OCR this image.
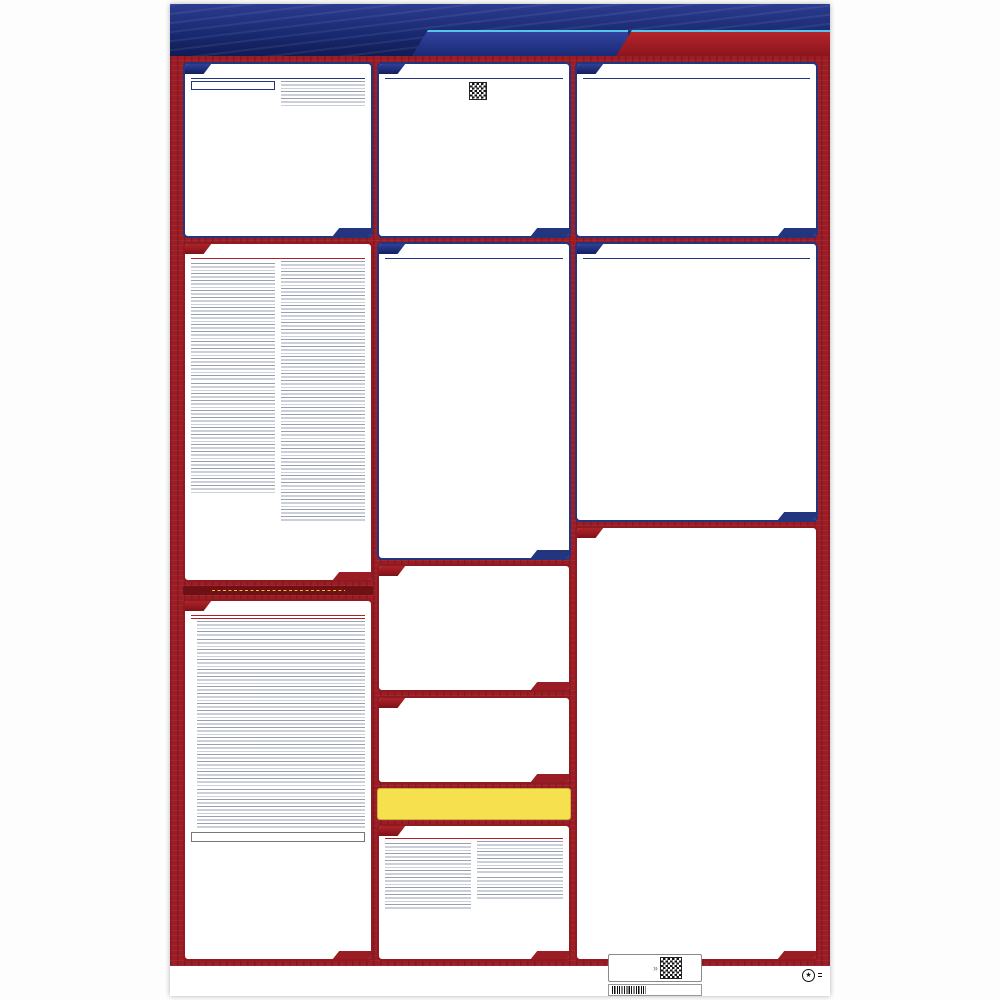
»
★
